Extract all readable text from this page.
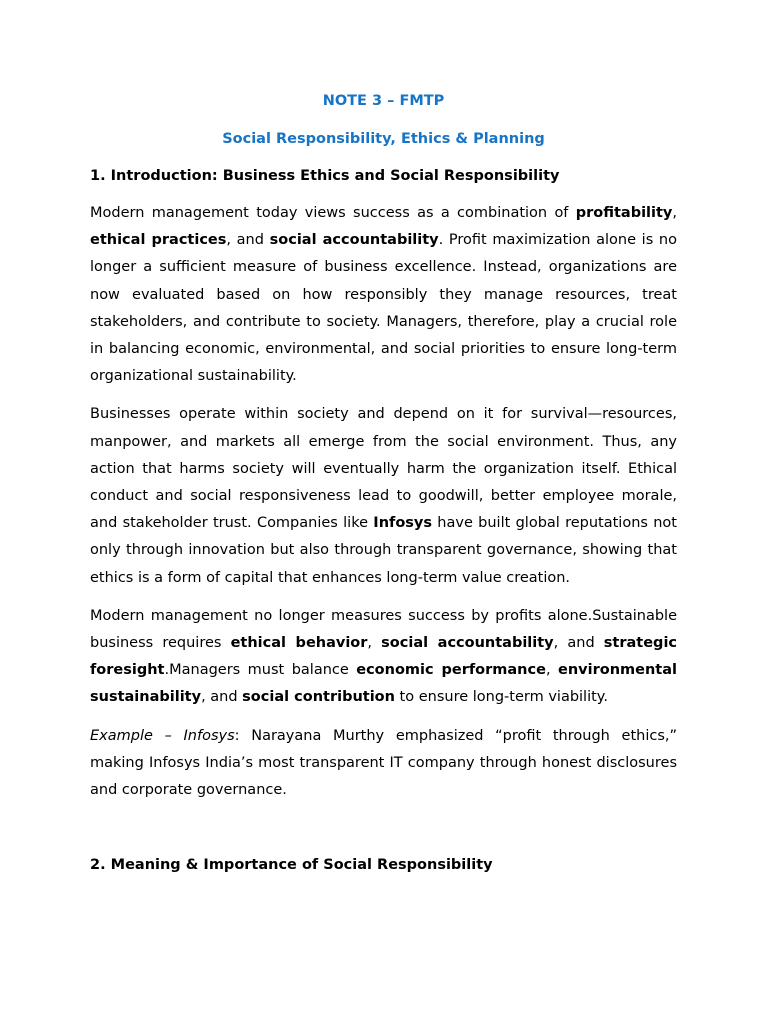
NOTE 3 – FMTP
Social Responsibility, Ethics & Planning
1. Introduction: Business Ethics and Social Responsibility

Modern management today views success as a combination of profitability, ethical practices, and social accountability. Profit maximization alone is no longer a sufficient measure of business excellence. Instead, organizations are now evaluated based on how responsibly they manage resources, treat stakeholders, and contribute to society. Managers, therefore, play a crucial role in balancing economic, environmental, and social priorities to ensure long-term organizational sustainability.

Businesses operate within society and depend on it for survival—resources, manpower, and markets all emerge from the social environment. Thus, any action that harms society will eventually harm the organization itself. Ethical conduct and social responsiveness lead to goodwill, better employee morale, and stakeholder trust. Companies like Infosys have built global reputations not only through innovation but also through transparent governance, showing that ethics is a form of capital that enhances long-term value creation.

Modern management no longer measures success by profits alone.Sustainable business requires ethical behavior, social accountability, and strategic foresight.Managers must balance economic performance, environmental sustainability, and social contribution to ensure long-term viability.

Example – Infosys: Narayana Murthy emphasized “profit through ethics,” making Infosys India’s most transparent IT company through honest disclosures and corporate governance.

2. Meaning & Importance of Social Responsibility
